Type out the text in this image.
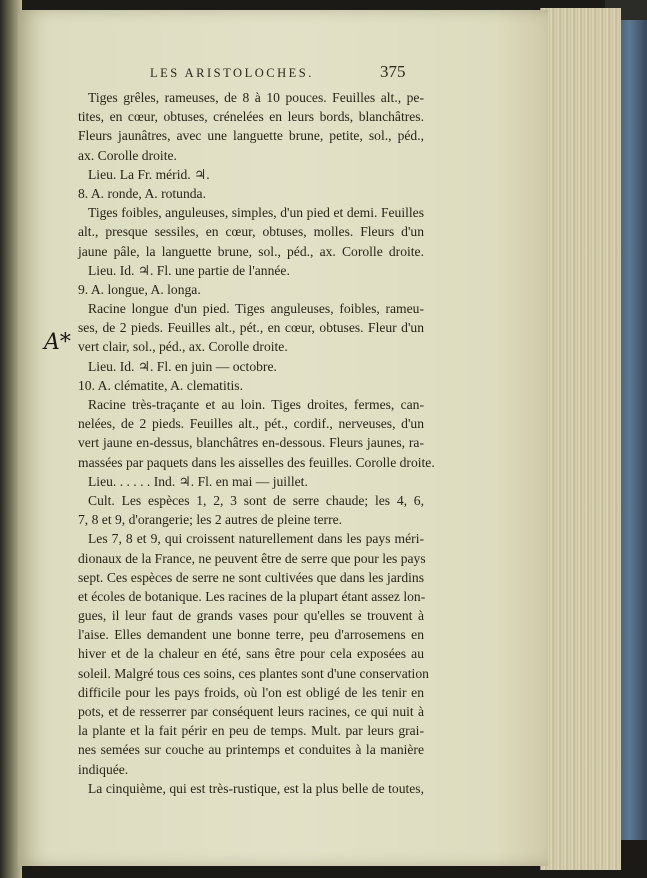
LES ARISTOLOCHES.	375
A*
Tiges grêles, rameuses, de 8 à 10 pouces. Feuilles alt., pe-
tites, en cœur, obtuses, crénelées en leurs bords, blanchâtres.
Fleurs jaunâtres, avec une languette brune, petite, sol., péd.,
ax. Corolle droite.
Lieu. La Fr. mérid. ♃.
8. A. ronde, A. rotunda.
Tiges foibles, anguleuses, simples, d'un pied et demi. Feuilles
alt., presque sessiles, en cœur, obtuses, molles. Fleurs d'un
jaune pâle, la languette brune, sol., péd., ax. Corolle droite.
Lieu. Id. ♃. Fl. une partie de l'année.
9. A. longue, A. longa.
Racine longue d'un pied. Tiges anguleuses, foibles, rameu-
ses, de 2 pieds. Feuilles alt., pét., en cœur, obtuses. Fleur d'un
vert clair, sol., péd., ax. Corolle droite.
Lieu. Id. ♃. Fl. en juin — octobre.
10. A. clématite, A. clematitis.
Racine très-traçante et au loin. Tiges droites, fermes, can-
nelées, de 2 pieds. Feuilles alt., pét., cordif., nerveuses, d'un
vert jaune en-dessus, blanchâtres en-dessous. Fleurs jaunes, ra-
massées par paquets dans les aisselles des feuilles. Corolle droite.
Lieu. . . . . . Ind. ♃. Fl. en mai — juillet.
Cult. Les espèces 1, 2, 3 sont de serre chaude; les 4, 6,
7, 8 et 9, d'orangerie; les 2 autres de pleine terre.
Les 7, 8 et 9, qui croissent naturellement dans les pays méri-
dionaux de la France, ne peuvent être de serre que pour les pays
sept. Ces espèces de serre ne sont cultivées que dans les jardins
et écoles de botanique. Les racines de la plupart étant assez lon-
gues, il leur faut de grands vases pour qu'elles se trouvent à
l'aise. Elles demandent une bonne terre, peu d'arrosemens en
hiver et de la chaleur en été, sans être pour cela exposées au
soleil. Malgré tous ces soins, ces plantes sont d'une conservation
difficile pour les pays froids, où l'on est obligé de les tenir en
pots, et de resserrer par conséquent leurs racines, ce qui nuit à
la plante et la fait périr en peu de temps. Mult. par leurs grai-
nes semées sur couche au printemps et conduites à la manière
indiquée.
La cinquième, qui est très-rustique, est la plus belle de toutes,
